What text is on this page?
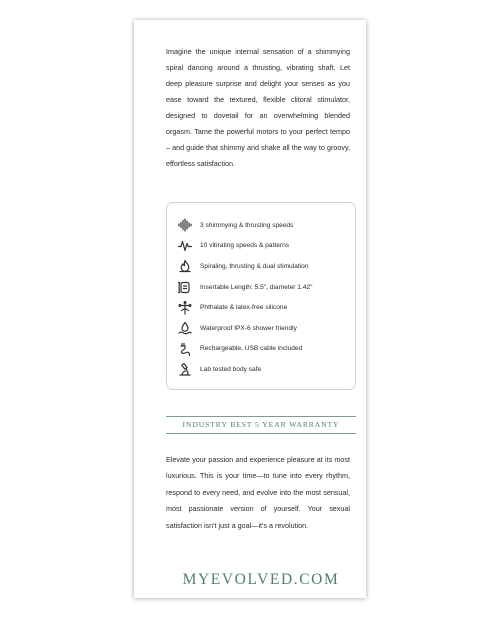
Imagine the unique internal sensation of a shimmying spiral dancing around a thrusting, vibrating shaft. Let deep pleasure surprise and delight your senses as you ease toward the textured, flexible clitoral stimulator, designed to dovetail for an overwhelming blended orgasm. Tame the powerful motors to your perfect tempo – and guide that shimmy and shake all the way to groovy, effortless satisfaction.

3 shimmying & thrusting speeds
10 vibrating speeds & patterns
Spiraling, thrusting & dual stimulation
Insertable Length: 5.5", diameter 1.42"
Phthalate & latex-free silicone
Waterproof IPX-6 shower friendly
Rechargeable, USB cable included
Lab tested body safe
INDUSTRY BEST 5 YEAR WARRANTY

Elevate your passion and experience pleasure at its most luxurious. This is your time—to tune into every rhythm, respond to every need, and evolve into the most sensual, most passionate version of yourself. Your sexual satisfaction isn't just a goal—it's a revolution.

MYEVOLVED.COM
